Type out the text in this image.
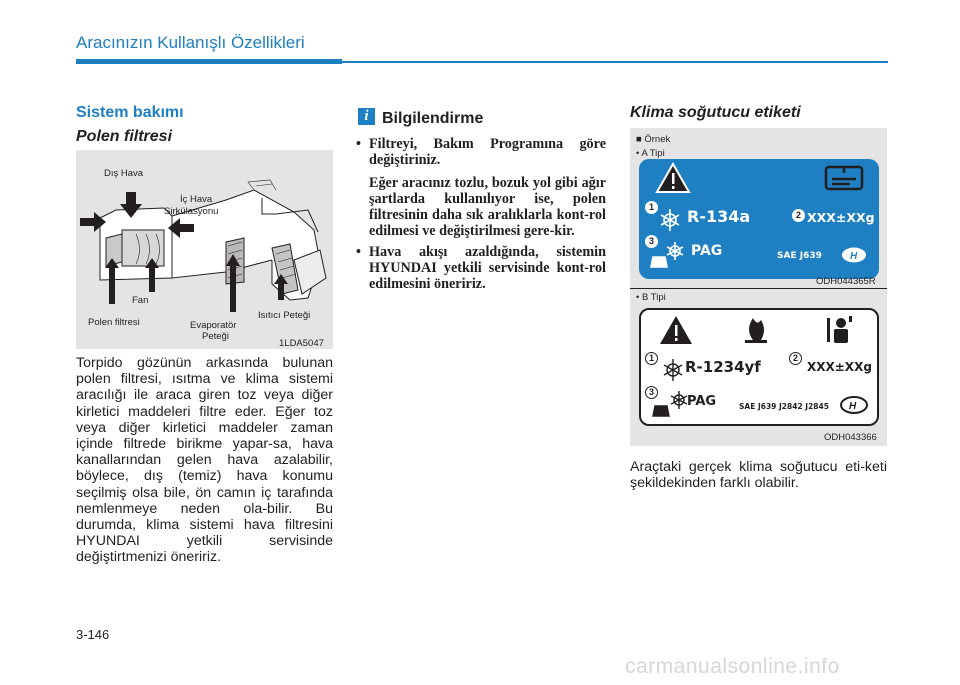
Aracınızın Kullanışlı Özellikleri
Sistem bakımı
Polen filtresi
Dış Hava
İç Hava
Sirkülasyonu
Fan
Polen filtresi	Evaporatör
Peteği
Isıtıcı Peteği
1LDA5047
Torpido gözünün arkasında bulunan polen filtresi, ısıtma ve klima sistemi aracılığı ile araca giren toz veya diğer kirletici maddeleri filtre eder. Eğer toz veya diğer kirletici maddeler zaman içinde filtrede birikme yapar-sa, hava kanallarından gelen hava azalabilir, böylece, dış (temiz) hava konumu seçilmiş olsa bile, ön camın iç tarafında nemlenmeye neden ola-bilir. Bu durumda, klima sistemi hava filtresini HYUNDAI yetkili servisinde değiştirtmenizi öneririz.
i Bilgilendirme
• Filtreyi, Bakım Programına göre değiştiriniz.
Eğer aracınız tozlu, bozuk yol gibi ağır şartlarda kullanılıyor ise, polen filtresinin daha sık aralıklarla kont-rol edilmesi ve değiştirilmesi gere-kir.
• Hava akışı azaldığında, sistemin HYUNDAI yetkili servisinde kont-rol edilmesini öneririz.
Klima soğutucu etiketi
■ Örnek
• A Tipi
H
1
2
3
R-134a	XXX±XXg
PAG	SAE J639
ODH044365R
• B Tipi
H
1	2
3
R-1234yf	XXX±XXg
PAG	SAE J639 J2842 J2845
ODH043366
Araçtaki gerçek klima soğutucu eti-keti şekildekinden farklı olabilir.
3-146
carmanualsonline.info
